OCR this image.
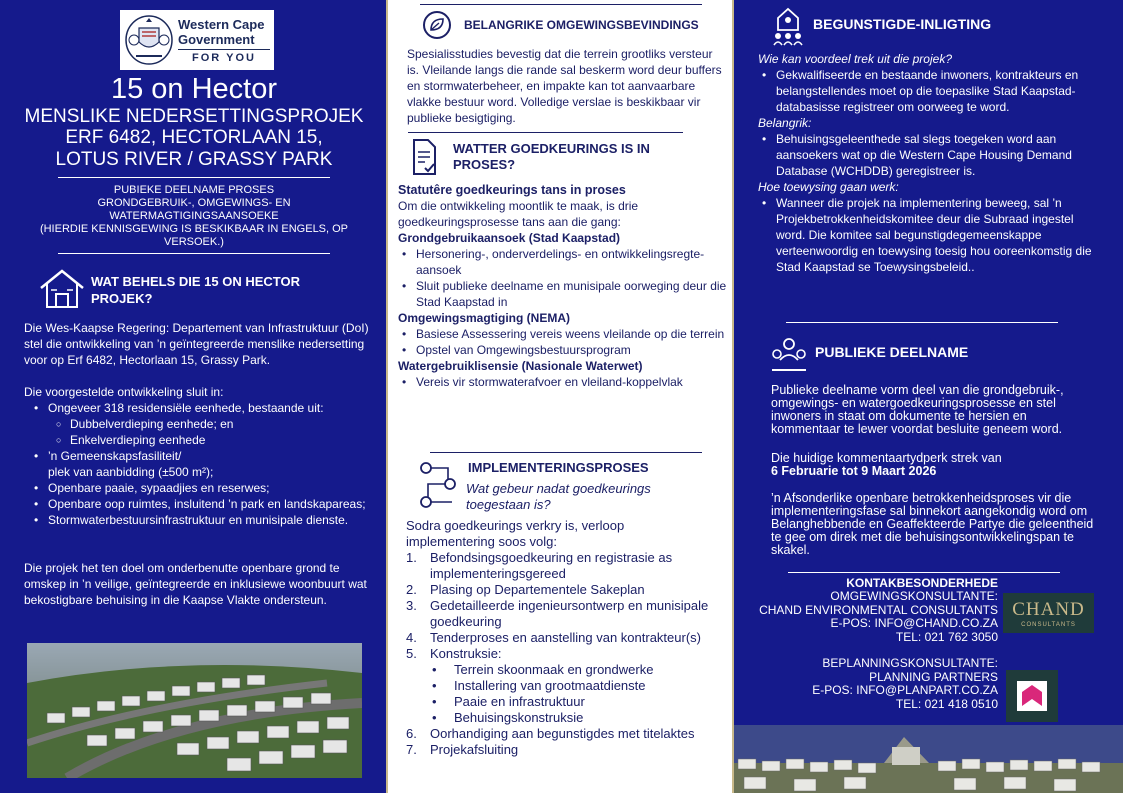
Western Cape
Government
FOR YOU
15 on Hector
MENSLIKE NEDERSETTINGSPROJEK
ERF 6482, HECTORLAAN 15,
LOTUS RIVER / GRASSY PARK
PUBIEKE DEELNAME PROSES
GRONDGEBRUIK-, OMGEWINGS- EN
WATERMAGTIGINGSAANSOEKE
(HIERDIE KENNISGEWING IS BESKIKBAAR IN ENGELS, OP
VERSOEK.)
WAT BEHELS DIE 15 ON HECTOR
PROJEK?
Die Wes-Kaapse Regering: Departement van Infrastruktuur (DoI) stel die ontwikkeling van ’n geïntegreerde menslike nedersetting voor op Erf 6482, Hectorlaan 15, Grassy Park.
Die voorgestelde ontwikkeling sluit in:
• Ongeveer 318 residensiële eenhede, bestaande uit:
○ Dubbelverdieping eenhede; en
○ Enkelverdieping eenhede
• ’n Gemeenskapsfasiliteit/
plek van aanbidding (±500 m²);
• Openbare paaie, sypaadjies en reserwes;
• Openbare oop ruimtes, insluitend ’n park en landskapareas;
• Stormwaterbestuursinfrastruktuur en munisipale dienste.
Die projek het ten doel om onderbenutte openbare grond te omskep in ’n veilige, geïntegreerde en inklusiewe woonbuurt wat bekostigbare behuising in die Kaapse Vlakte ondersteun.
BELANGRIKE OMGEWINGSBEVINDINGS
Spesialisstudies bevestig dat die terrein grootliks versteur is. Vleilande langs die rande sal beskerm word deur buffers en stormwaterbeheer, en impakte kan tot aanvaarbare vlakke bestuur word. Volledige verslae is beskikbaar vir publieke besigtiging.
WATTER GOEDKEURINGS IS IN
PROSES?
Statutêre goedkeurings tans in proses
Om die ontwikkeling moontlik te maak, is drie goedkeuringsprosesse tans aan die gang:
Grondgebruikaansoek (Stad Kaapstad)
• Hersonering-, onderverdelings- en ontwikkelingsregte-aansoek
• Sluit publieke deelname en munisipale oorweging deur die Stad Kaapstad in
Omgewingsmagtiging (NEMA)
• Basiese Assessering vereis weens vleilande op die terrein
• Opstel van Omgewingsbestuursprogram
Watergebruiklisensie (Nasionale Waterwet)
• Vereis vir stormwaterafvoer en vleiland-koppelvlak
IMPLEMENTERINGSPROSES
Wat gebeur nadat goedkeurings toegestaan is?
Sodra goedkeurings verkry is, verloop implementering soos volg:
1. Befondsingsgoedkeuring en registrasie as implementeringsgereed
2. Plasing op Departementele Sakeplan
3. Gedetailleerde ingenieursontwerp en munisipale goedkeuring
4. Tenderproses en aanstelling van kontrakteur(s)
5. Konstruksie:
• Terrein skoonmaak en grondwerke
• Installering van grootmaatdienste
• Paaie en infrastruktuur
• Behuisingskonstruksie
6. Oorhandiging aan begunstigdes met titelaktes
7. Projekafsluiting
BEGUNSTIGDE-INLIGTING
Wie kan voordeel trek uit die projek?
• Gekwalifiseerde en bestaande inwoners, kontrakteurs en belangstellendes moet op die toepaslike Stad Kaapstad-databasisse registreer om oorweeg te word.
Belangrik:
• Behuisingsgeleenthede sal slegs toegeken word aan aansoekers wat op die Western Cape Housing Demand Database (WCHDDB) geregistreer is.
Hoe toewysing gaan werk:
• Wanneer die projek na implementering beweeg, sal ’n Projekbetrokkenheidskomitee deur die Subraad ingestel word. Die komitee sal begunstigdegemeenskappe verteenwoordig en toewysing toesig hou ooreenkomstig die Stad Kaapstad se Toewysingsbeleid..
PUBLIEKE DEELNAME
Publieke deelname vorm deel van die grondgebruik-, omgewings- en watergoedkeuringsprosesse en stel inwoners in staat om dokumente te hersien en kommentaar te lewer voordat besluite geneem word.
Die huidige kommentaartydperk strek van
6 Februarie tot 9 Maart 2026
’n Afsonderlike openbare betrokkenheidsproses vir die implementeringsfase sal binnekort aangekondig word om Belanghebbende en Geaffekteerde Partye die geleentheid te gee om direk met die behuisingsontwikkelingspan te skakel.
KONTAKBESONDERHEDE
OMGEWINGSKONSULTANTE:
CHAND ENVIRONMENTAL CONSULTANTS
E-POS: INFO@CHAND.CO.ZA
TEL: 021 762 3050
CHAND
CONSULTANTS
BEPLANNINGSKONSULTANTE:
PLANNING PARTNERS
E-POS: INFO@PLANPART.CO.ZA
TEL: 021 418 0510
